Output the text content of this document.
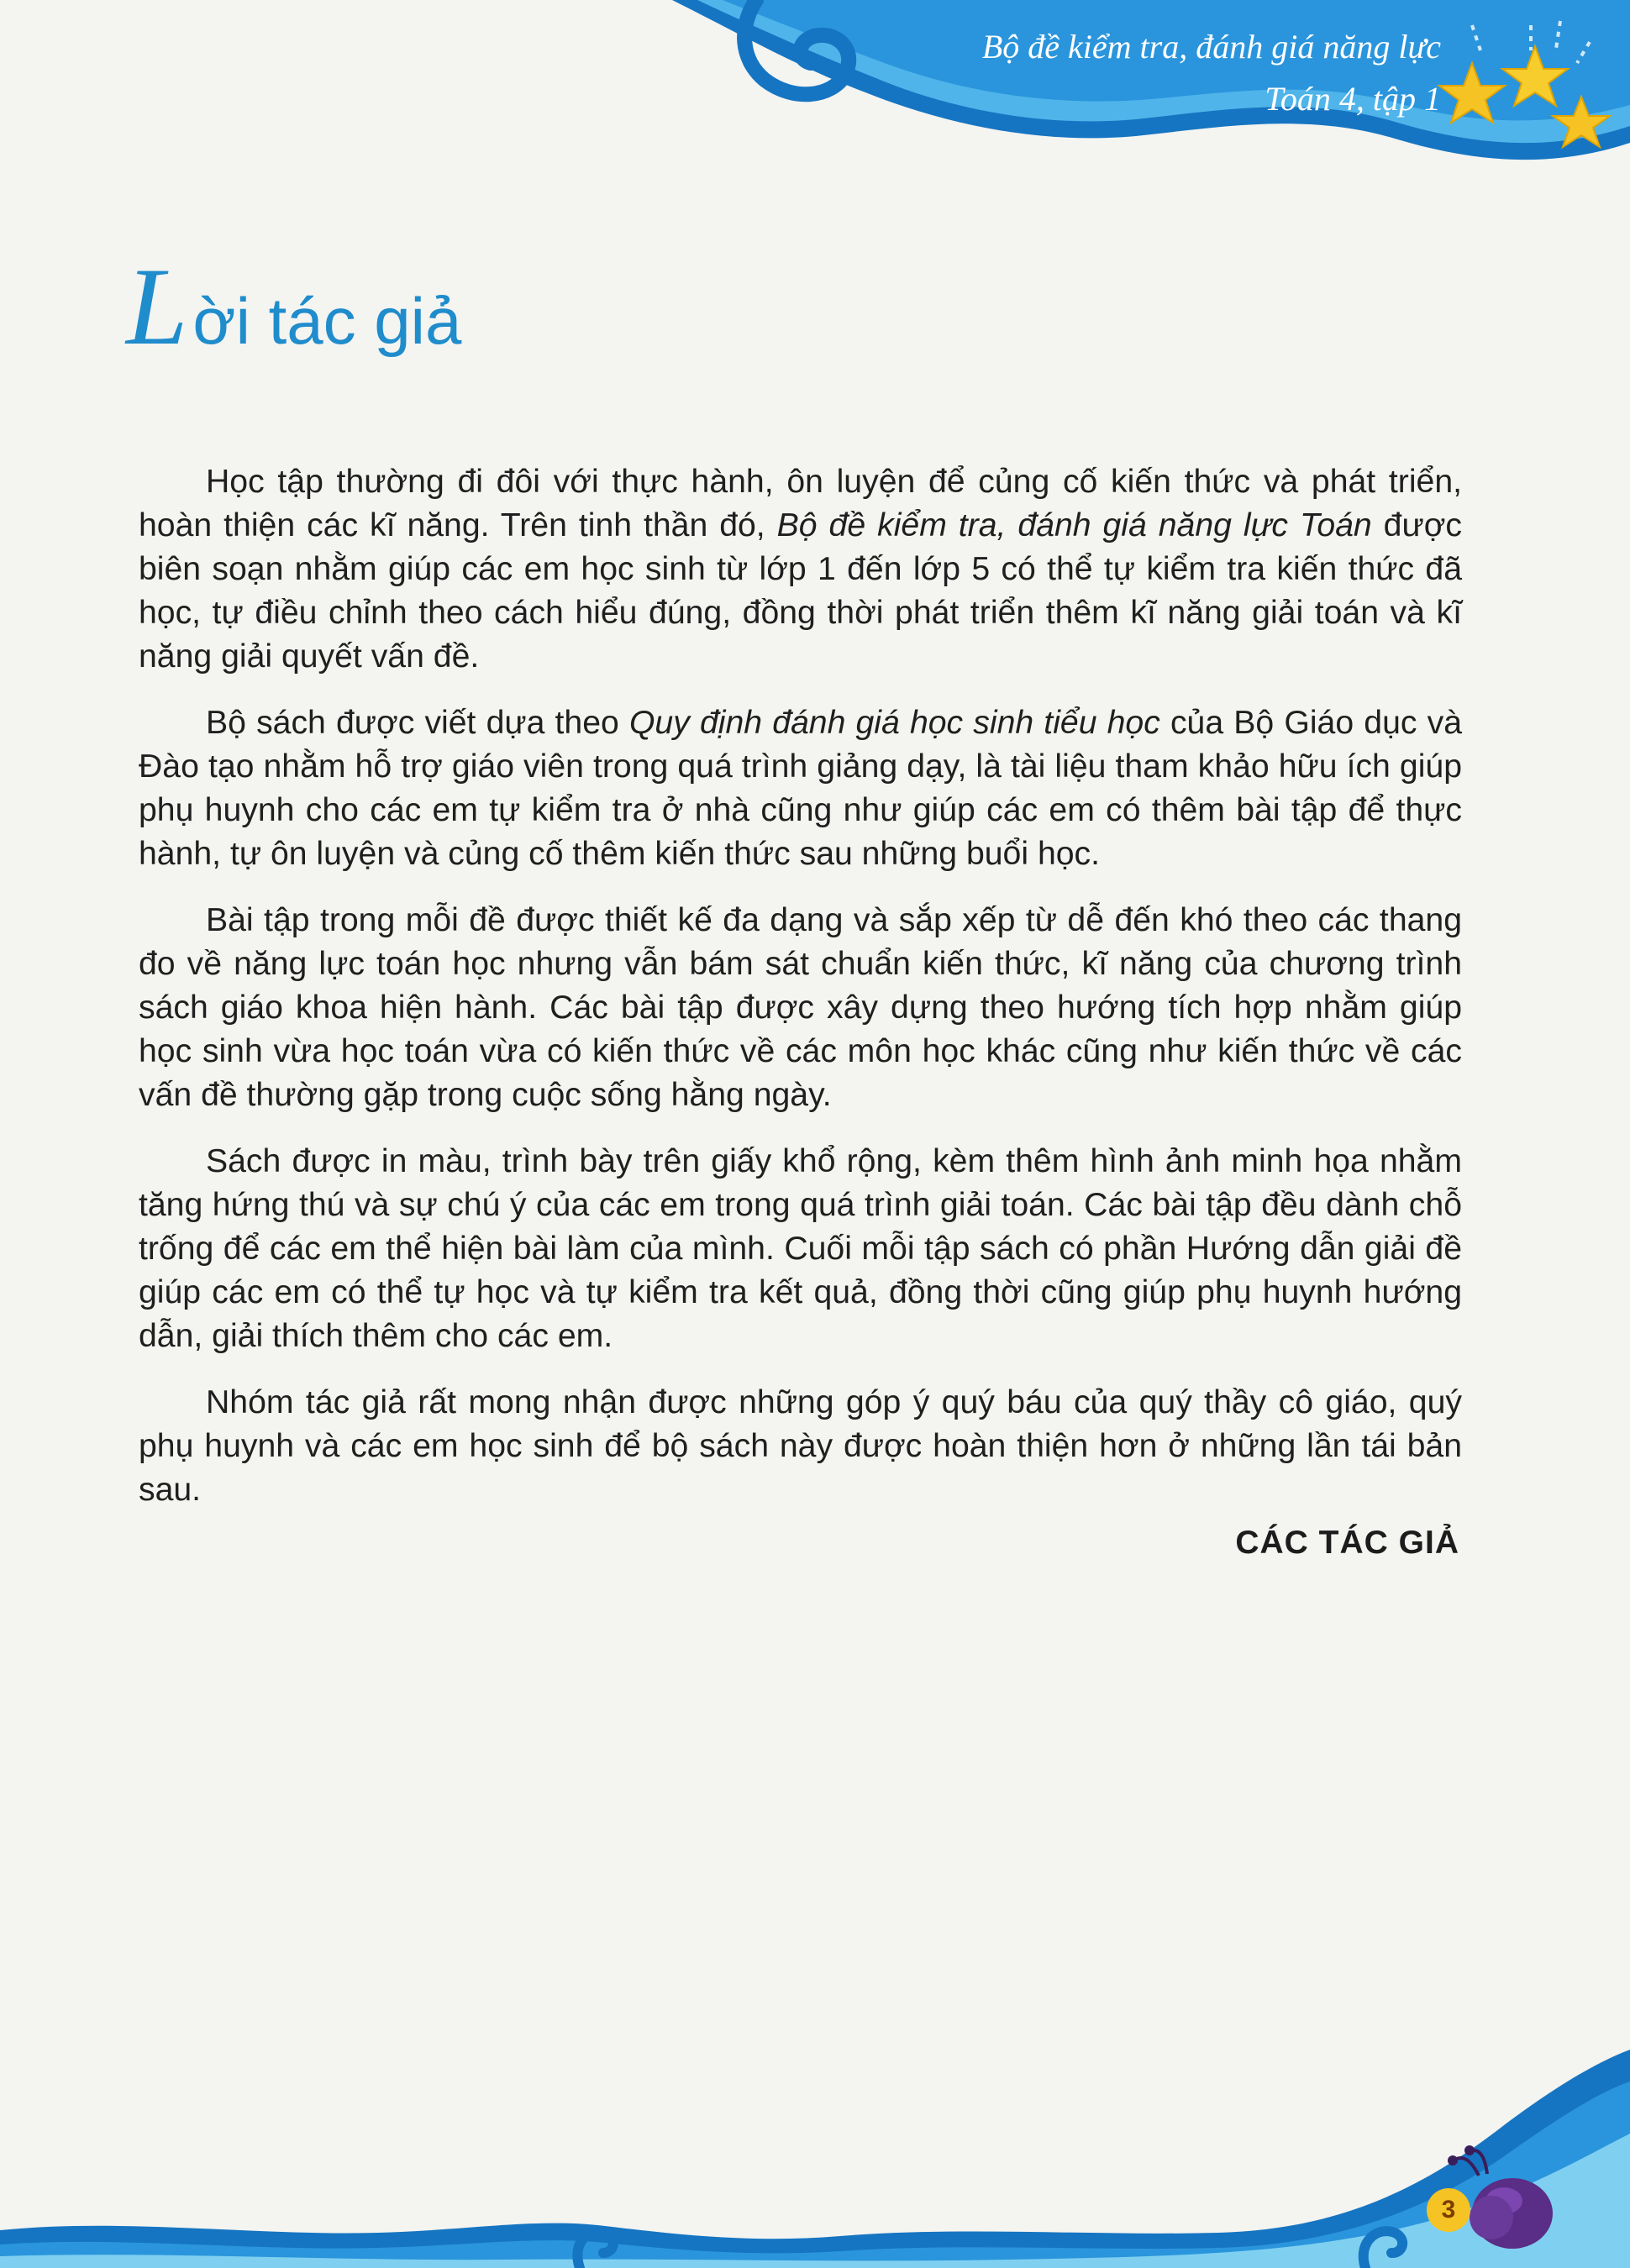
Bộ đề kiểm tra, đánh giá năng lực
Toán 4, tập 1
Lời tác giả

Học tập thường đi đôi với thực hành, ôn luyện để củng cố kiến thức và phát triển, hoàn thiện các kĩ năng. Trên tinh thần đó, Bộ đề kiểm tra, đánh giá năng lực Toán được biên soạn nhằm giúp các em học sinh từ lớp 1 đến lớp 5 có thể tự kiểm tra kiến thức đã học, tự điều chỉnh theo cách hiểu đúng, đồng thời phát triển thêm kĩ năng giải toán và kĩ năng giải quyết vấn đề.

Bộ sách được viết dựa theo Quy định đánh giá học sinh tiểu học của Bộ Giáo dục và Đào tạo nhằm hỗ trợ giáo viên trong quá trình giảng dạy, là tài liệu tham khảo hữu ích giúp phụ huynh cho các em tự kiểm tra ở nhà cũng như giúp các em có thêm bài tập để thực hành, tự ôn luyện và củng cố thêm kiến thức sau những buổi học.

Bài tập trong mỗi đề được thiết kế đa dạng và sắp xếp từ dễ đến khó theo các thang đo về năng lực toán học nhưng vẫn bám sát chuẩn kiến thức, kĩ năng của chương trình sách giáo khoa hiện hành. Các bài tập được xây dựng theo hướng tích hợp nhằm giúp học sinh vừa học toán vừa có kiến thức về các môn học khác cũng như kiến thức về các vấn đề thường gặp trong cuộc sống hằng ngày.

Sách được in màu, trình bày trên giấy khổ rộng, kèm thêm hình ảnh minh họa nhằm tăng hứng thú và sự chú ý của các em trong quá trình giải toán. Các bài tập đều dành chỗ trống để các em thể hiện bài làm của mình. Cuối mỗi tập sách có phần Hướng dẫn giải đề giúp các em có thể tự học và tự kiểm tra kết quả, đồng thời cũng giúp phụ huynh hướng dẫn, giải thích thêm cho các em.

Nhóm tác giả rất mong nhận được những góp ý quý báu của quý thầy cô giáo, quý phụ huynh và các em học sinh để bộ sách này được hoàn thiện hơn ở những lần tái bản sau.

CÁC TÁC GIẢ
3
